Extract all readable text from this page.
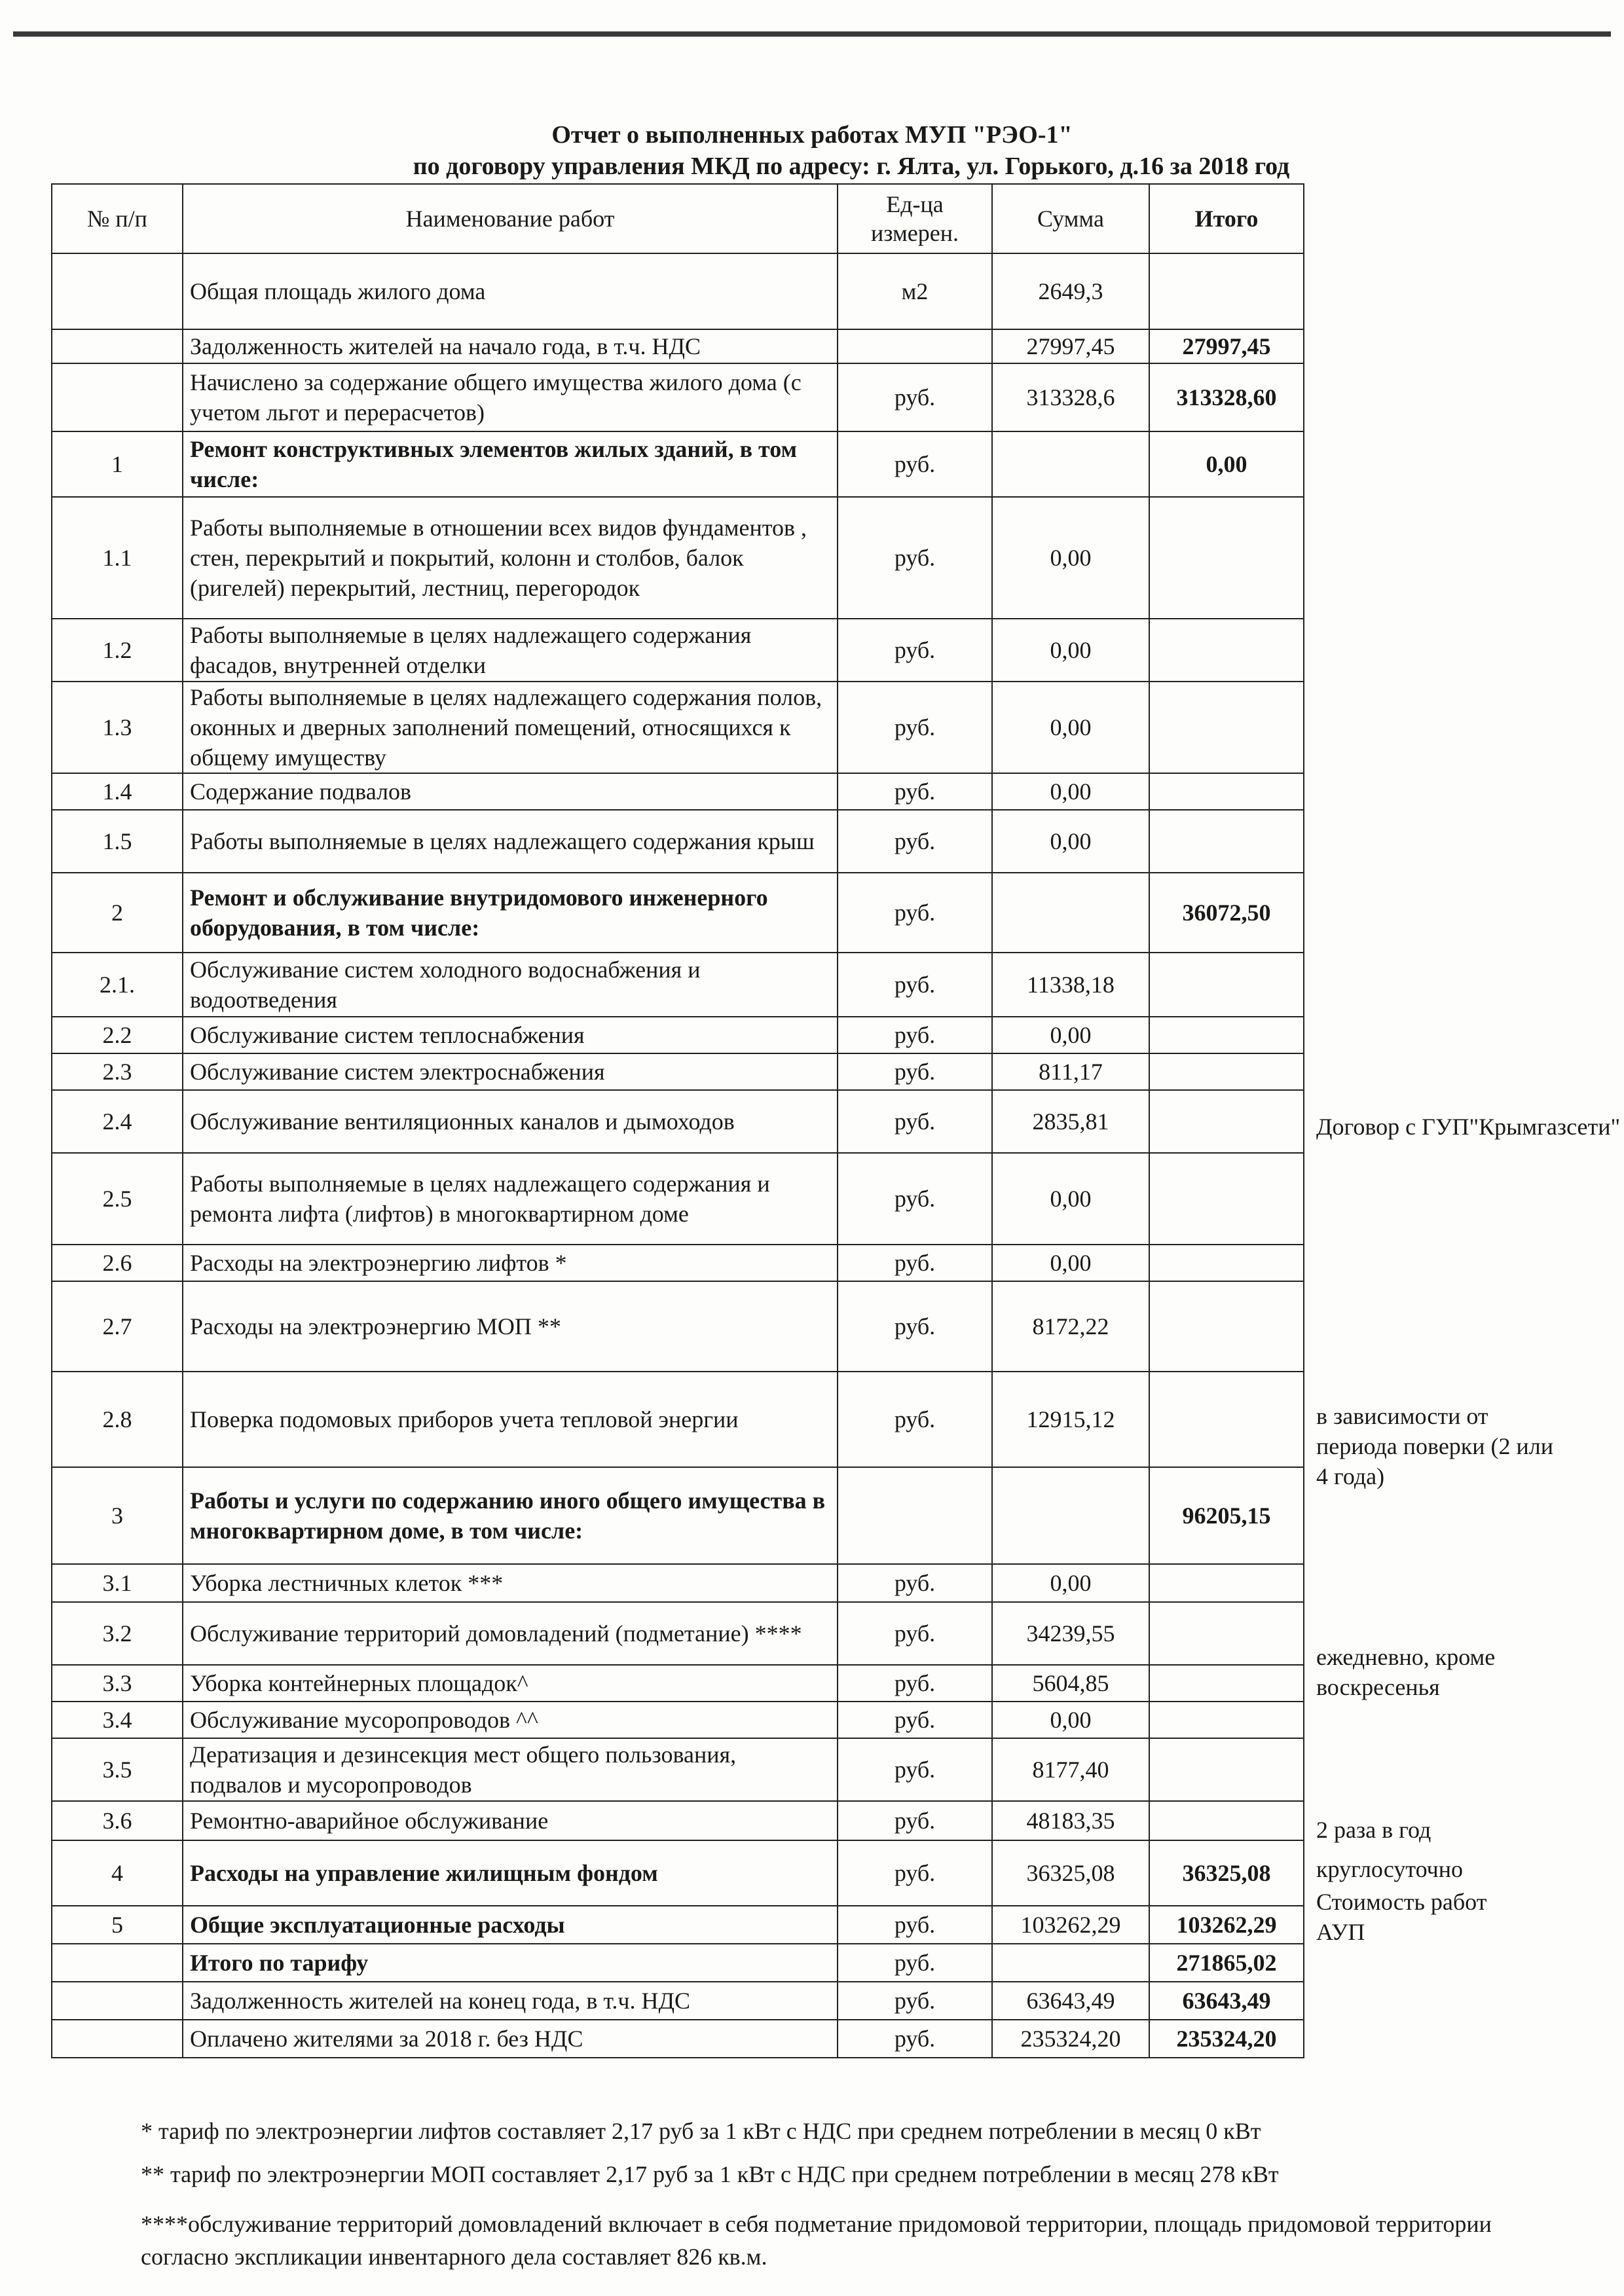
Отчет о выполненных работах МУП "РЭО-1"
по договору управления МКД по адресу: г. Ялта, ул. Горького, д.16 за 2018 год
№ п/п	Наименование работ	Ед-ца измерен.	Сумма	Итого
	Общая площадь жилого дома	м2	2649,3	
	Задолженность жителей на начало года, в т.ч. НДС		27997,45	27997,45
	Начислено за содержание общего имущества жилого дома (с учетом льгот и перерасчетов)	руб.	313328,6	313328,60
1	Ремонт конструктивных элементов жилых зданий, в том числе:	руб.		0,00
1.1	Работы выполняемые в отношении всех видов фундаментов , стен, перекрытий и покрытий, колонн и столбов, балок (ригелей) перекрытий, лестниц, перегородок	руб.	0,00	
1.2	Работы выполняемые в целях надлежащего содержания фасадов, внутренней отделки	руб.	0,00	
1.3	Работы выполняемые в целях надлежащего содержания полов, оконных и дверных заполнений помещений, относящихся к общему имуществу	руб.	0,00	
1.4	Содержание подвалов	руб.	0,00	
1.5	Работы выполняемые в целях надлежащего содержания крыш	руб.	0,00	
2	Ремонт и обслуживание внутридомового инженерного оборудования, в том числе:	руб.		36072,50
2.1.	Обслуживание систем холодного водоснабжения и водоотведения	руб.	11338,18	
2.2	Обслуживание систем теплоснабжения	руб.	0,00	
2.3	Обслуживание систем электроснабжения	руб.	811,17	
2.4	Обслуживание вентиляционных каналов и дымоходов	руб.	2835,81	
2.5	Работы выполняемые в целях надлежащего содержания и ремонта лифта (лифтов) в многоквартирном доме	руб.	0,00	
2.6	Расходы на электроэнергию лифтов *	руб.	0,00	
2.7	Расходы на электроэнергию МОП **	руб.	8172,22	
2.8	Поверка подомовых приборов учета тепловой энергии	руб.	12915,12	
3	Работы и услуги по содержанию иного общего имущества в многоквартирном доме, в том числе:			96205,15
3.1	Уборка лестничных клеток ***	руб.	0,00	
3.2	Обслуживание территорий домовладений (подметание) ****	руб.	34239,55	
3.3	Уборка контейнерных площадок^	руб.	5604,85	
3.4	Обслуживание мусоропроводов ^^	руб.	0,00	
3.5	Дератизация и дезинсекция мест общего пользования, подвалов и мусоропроводов	руб.	8177,40	
3.6	Ремонтно-аварийное обслуживание	руб.	48183,35	
4	Расходы на управление жилищным фондом	руб.	36325,08	36325,08
5	Общие эксплуатационные расходы	руб.	103262,29	103262,29
	Итого по тарифу	руб.		271865,02
	Задолженность жителей на конец года, в т.ч. НДС	руб.	63643,49	63643,49
	Оплачено жителями за 2018 г. без НДС	руб.	235324,20	235324,20
Договор с ГУП"Крымгазсети"
в зависимости от периода поверки (2 или 4 года)
ежедневно, кроме воскресенья
2 раза в год
круглосуточно
Стоимость работ АУП
* тариф по электроэнергии лифтов составляет 2,17 руб за 1 кВт с НДС при среднем потреблении в месяц 0 кВт
** тариф по электроэнергии МОП составляет 2,17 руб за 1 кВт с НДС при среднем потреблении в месяц 278 кВт
****обслуживание территорий домовладений включает в себя подметание придомовой территории, площадь придомовой территории согласно экспликации инвентарного дела составляет 826 кв.м.
